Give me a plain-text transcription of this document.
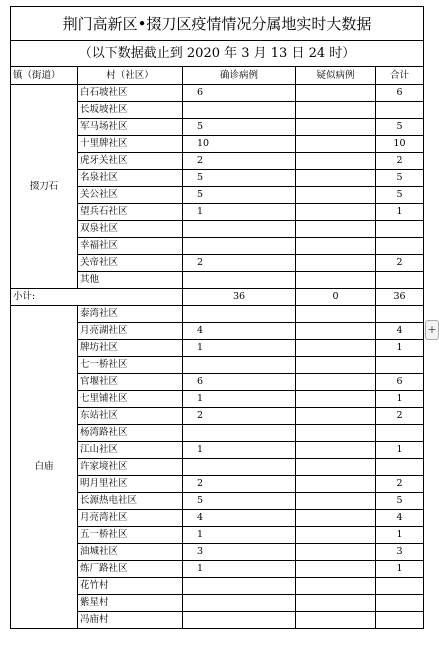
荆门高新区•掇刀区疫情情况分属地实时大数据				
（以下数据截止到 2020 年 3 月 13 日 24 时）				
镇（街道）	村（社区）	确诊病例	疑似病例	合计
掇刀石	白石坡社区	6		6
	长坂坡社区			
	军马场社区	5		5
	十里牌社区	10		10
	虎牙关社区	2		2
	名泉社区	5		5
	关公社区	5		5
	望兵石社区	1		1
	双泉社区			
	幸福社区			
	关帝社区	2		2
	其他			
小计:		36	0	36
白庙	泰湾社区			
	月亮湖社区	4		4
	牌坊社区	1		1
	七一桥社区			
	官堰社区	6		6
	七里铺社区	1		1
	东站社区	2		2
	杨湾路社区			
	江山社区	1		1
	许家境社区			
	明月里社区	2		2
	长源热电社区	5		5
	月亮湾社区	4		4
	五一桥社区	1		1
	油城社区	3		3
	炼厂路社区	1		1
	花竹村			
	紫星村			
	冯庙村			
+
